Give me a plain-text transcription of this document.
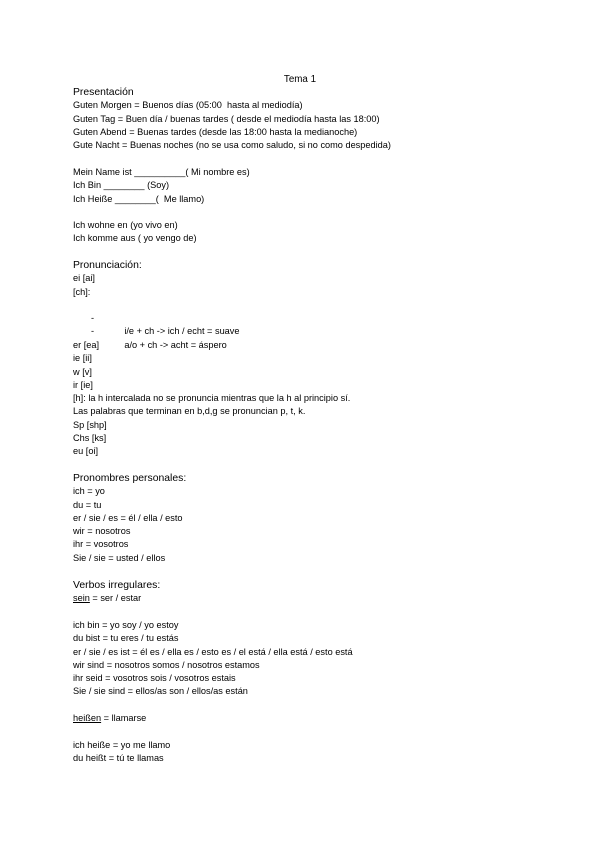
Tema 1
Presentación
Guten Morgen = Buenos días (05:00  hasta al mediodía)
Guten Tag = Buen día / buenas tardes ( desde el mediodía hasta las 18:00)
Guten Abend = Buenas tardes (desde las 18:00 hasta la medianoche)
Gute Nacht = Buenas noches (no se usa como saludo, si no como despedida)
Mein Name ist __________( Mi nombre es)
Ich Bin ________ (Soy)
Ich Heiße ________(  Me llamo)
Ich wohne en (yo vivo en)
Ich komme aus ( yo vengo de)
Pronunciación:
ei [ai]
[ch]:

-

i/e + ch -> ich / echt = suave

-

a/o + ch -> acht = áspero

er [ea]
ie [ii]
w [v]
ir [ie]
[h]: la h intercalada no se pronuncia mientras que la h al principio sí.
Las palabras que terminan en b,d,g se pronuncian p, t, k.
Sp [shp]
Chs [ks]
eu [oi]
Pronombres personales:
ich = yo
du = tu
er / sie / es = él / ella / esto
wir = nosotros
ihr = vosotros
Sie / sie = usted / ellos
Verbos irregulares:
sein = ser / estar
ich bin = yo soy / yo estoy
du bist = tu eres / tu estás
er / sie / es ist = él es / ella es / esto es / el está / ella está / esto está
wir sind = nosotros somos / nosotros estamos
ihr seid = vosotros sois / vosotros estais
Sie / sie sind = ellos/as son / ellos/as están
heißen = llamarse
ich heiße = yo me llamo
du heißt = tú te llamas
